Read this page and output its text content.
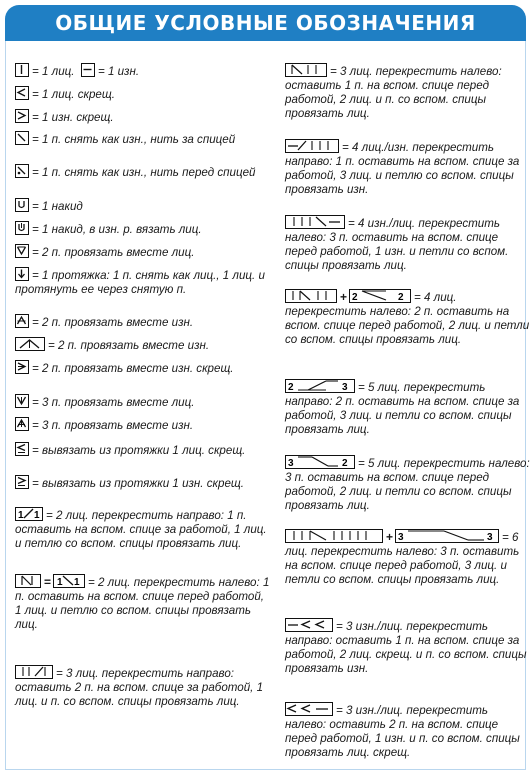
ОБЩИЕ УСЛОВНЫЕ ОБОЗНАЧЕНИЯ
= 1 лиц. = 1 изн.
= 1 лиц. скрещ.
= 1 изн. скрещ.
= 1 п. снять как изн., нить за спицей
= 1 п. снять как изн., нить перед спицей
= 1 накид
= 1 накид, в изн. р. вязать лиц.
= 2 п. провязать вместе лиц.
= 1 протяжка: 1 п. снять как лиц., 1 лиц. и протянуть ее через снятую п.
= 2 п. провязать вместе изн.
= 2 п. провязать вместе изн.
= 2 п. провязать вместе изн. скрещ.
= 3 п. провязать вместе лиц.
= 3 п. провязать вместе изн.
= вывязать из протяжки 1 лиц. скрещ.
= вывязать из протяжки 1 изн. скрещ.
1 1 = 2 лиц. перекрестить направо: 1 п. оставить на вспом. спице за работой, 1 лиц. и петлю со вспом. спицы провязать лиц.
= 1 1 = 2 лиц. перекрестить налево: 1 п. оставить на вспом. спице перед работой, 1 лиц. и петлю со вспом. спицы провязать лиц.
= 3 лиц. перекрестить направо: оставить 2 п. на вспом. спице за работой, 1 лиц. и п. со вспом. спицы провязать лиц.
= 3 лиц. перекрестить налево: оставить 1 п. на вспом. спице перед работой, 2 лиц. и п. со вспом. спицы провязать лиц.
= 4 лиц./изн. перекрестить направо: 1 п. оставить на вспом. спице за работой, 3 лиц. и петлю со вспом. спицы провязать изн.
= 4 изн./лиц. перекрестить налево: 3 п. оставить на вспом. спице перед работой, 1 изн. и петли со вспом. спицы провязать лиц.
+ 2	2 = 4 лиц. перекрестить налево: 2 п. оставить на вспом. спице перед работой, 2 лиц. и петли со вспом. спицы провязать лиц.
2	3 = 5 лиц. перекрестить направо: 2 п. оставить на вспом. спице за работой, 3 лиц. и петли со вспом. спицы провязать лиц.
3	2 = 5 лиц. перекрестить налево: 3 п. оставить на вспом. спице перед работой, 2 лиц. и петли со вспом. спицы провязать лиц.
+ 3	3 = 6 лиц. перекрестить налево: 3 п. оставить на вспом. спице перед работой, 3 лиц. и петли со вспом. спицы провязать лиц.
= 3 изн./лиц. перекрестить направо: оставить 1 п. на вспом. спице за работой, 2 лиц. скрещ. и п. со вспом. спицы провязать изн.
= 3 изн./лиц. перекрестить налево: оставить 2 п. на вспом. спице перед работой, 1 изн. и п. со вспом. спицы провязать лиц. скрещ.
